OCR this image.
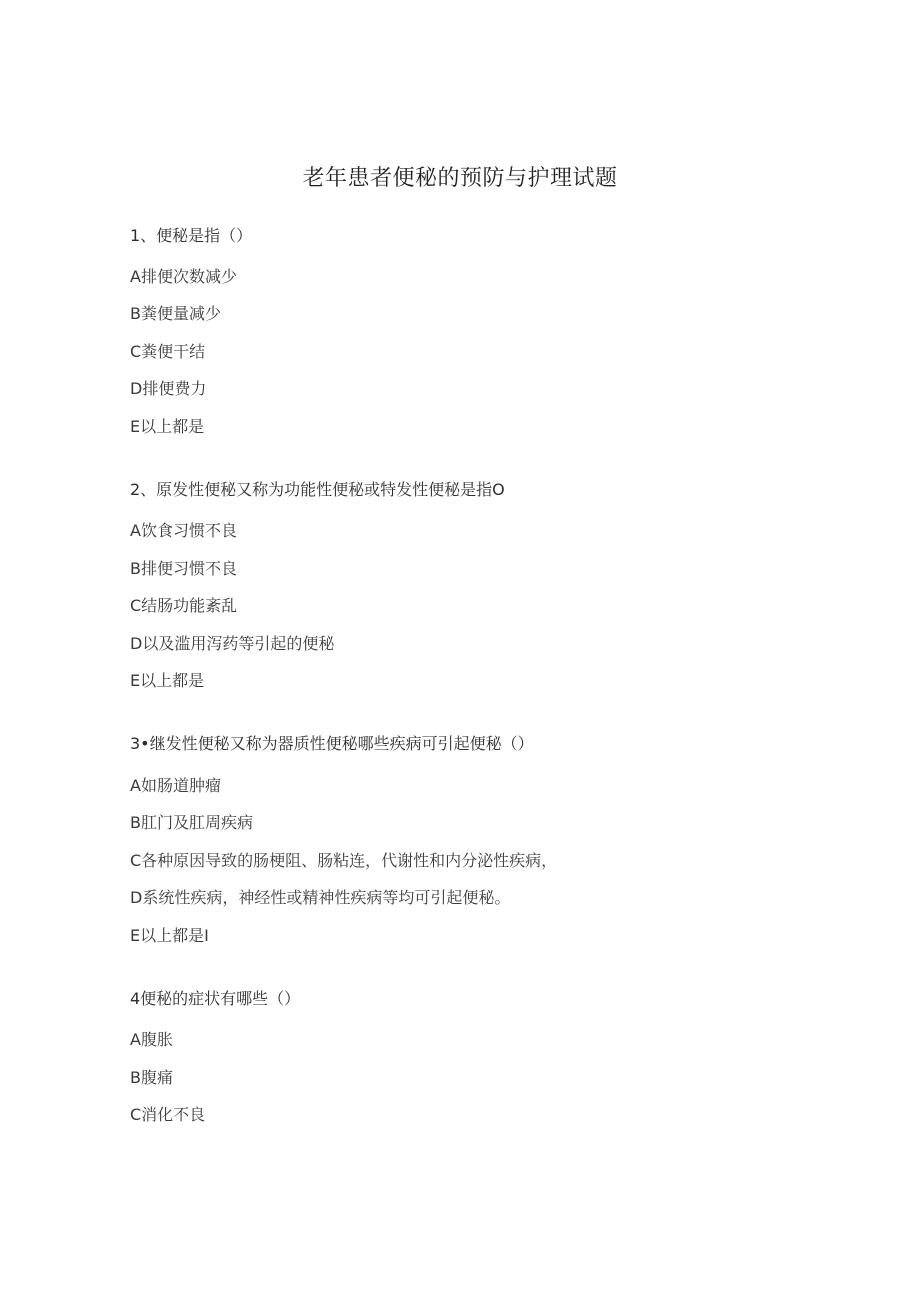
老年患者便秘的预防与护理试题
1、便秘是指（）
A排便次数减少
B粪便量减少
C粪便干结
D排便费力
E以上都是
2、原发性便秘又称为功能性便秘或特发性便秘是指O
A饮食习惯不良
B排便习惯不良
C结肠功能紊乱
D以及滥用泻药等引起的便秘
E以上都是
3•继发性便秘又称为器质性便秘哪些疾病可引起便秘（）
A如肠道肿瘤
B肛门及肛周疾病
C各种原因导致的肠梗阻、肠粘连，代谢性和内分泌性疾病，
D系统性疾病，神经性或精神性疾病等均可引起便秘。
E以上都是I
4便秘的症状有哪些（）
A腹胀
B腹痛
C消化不良
